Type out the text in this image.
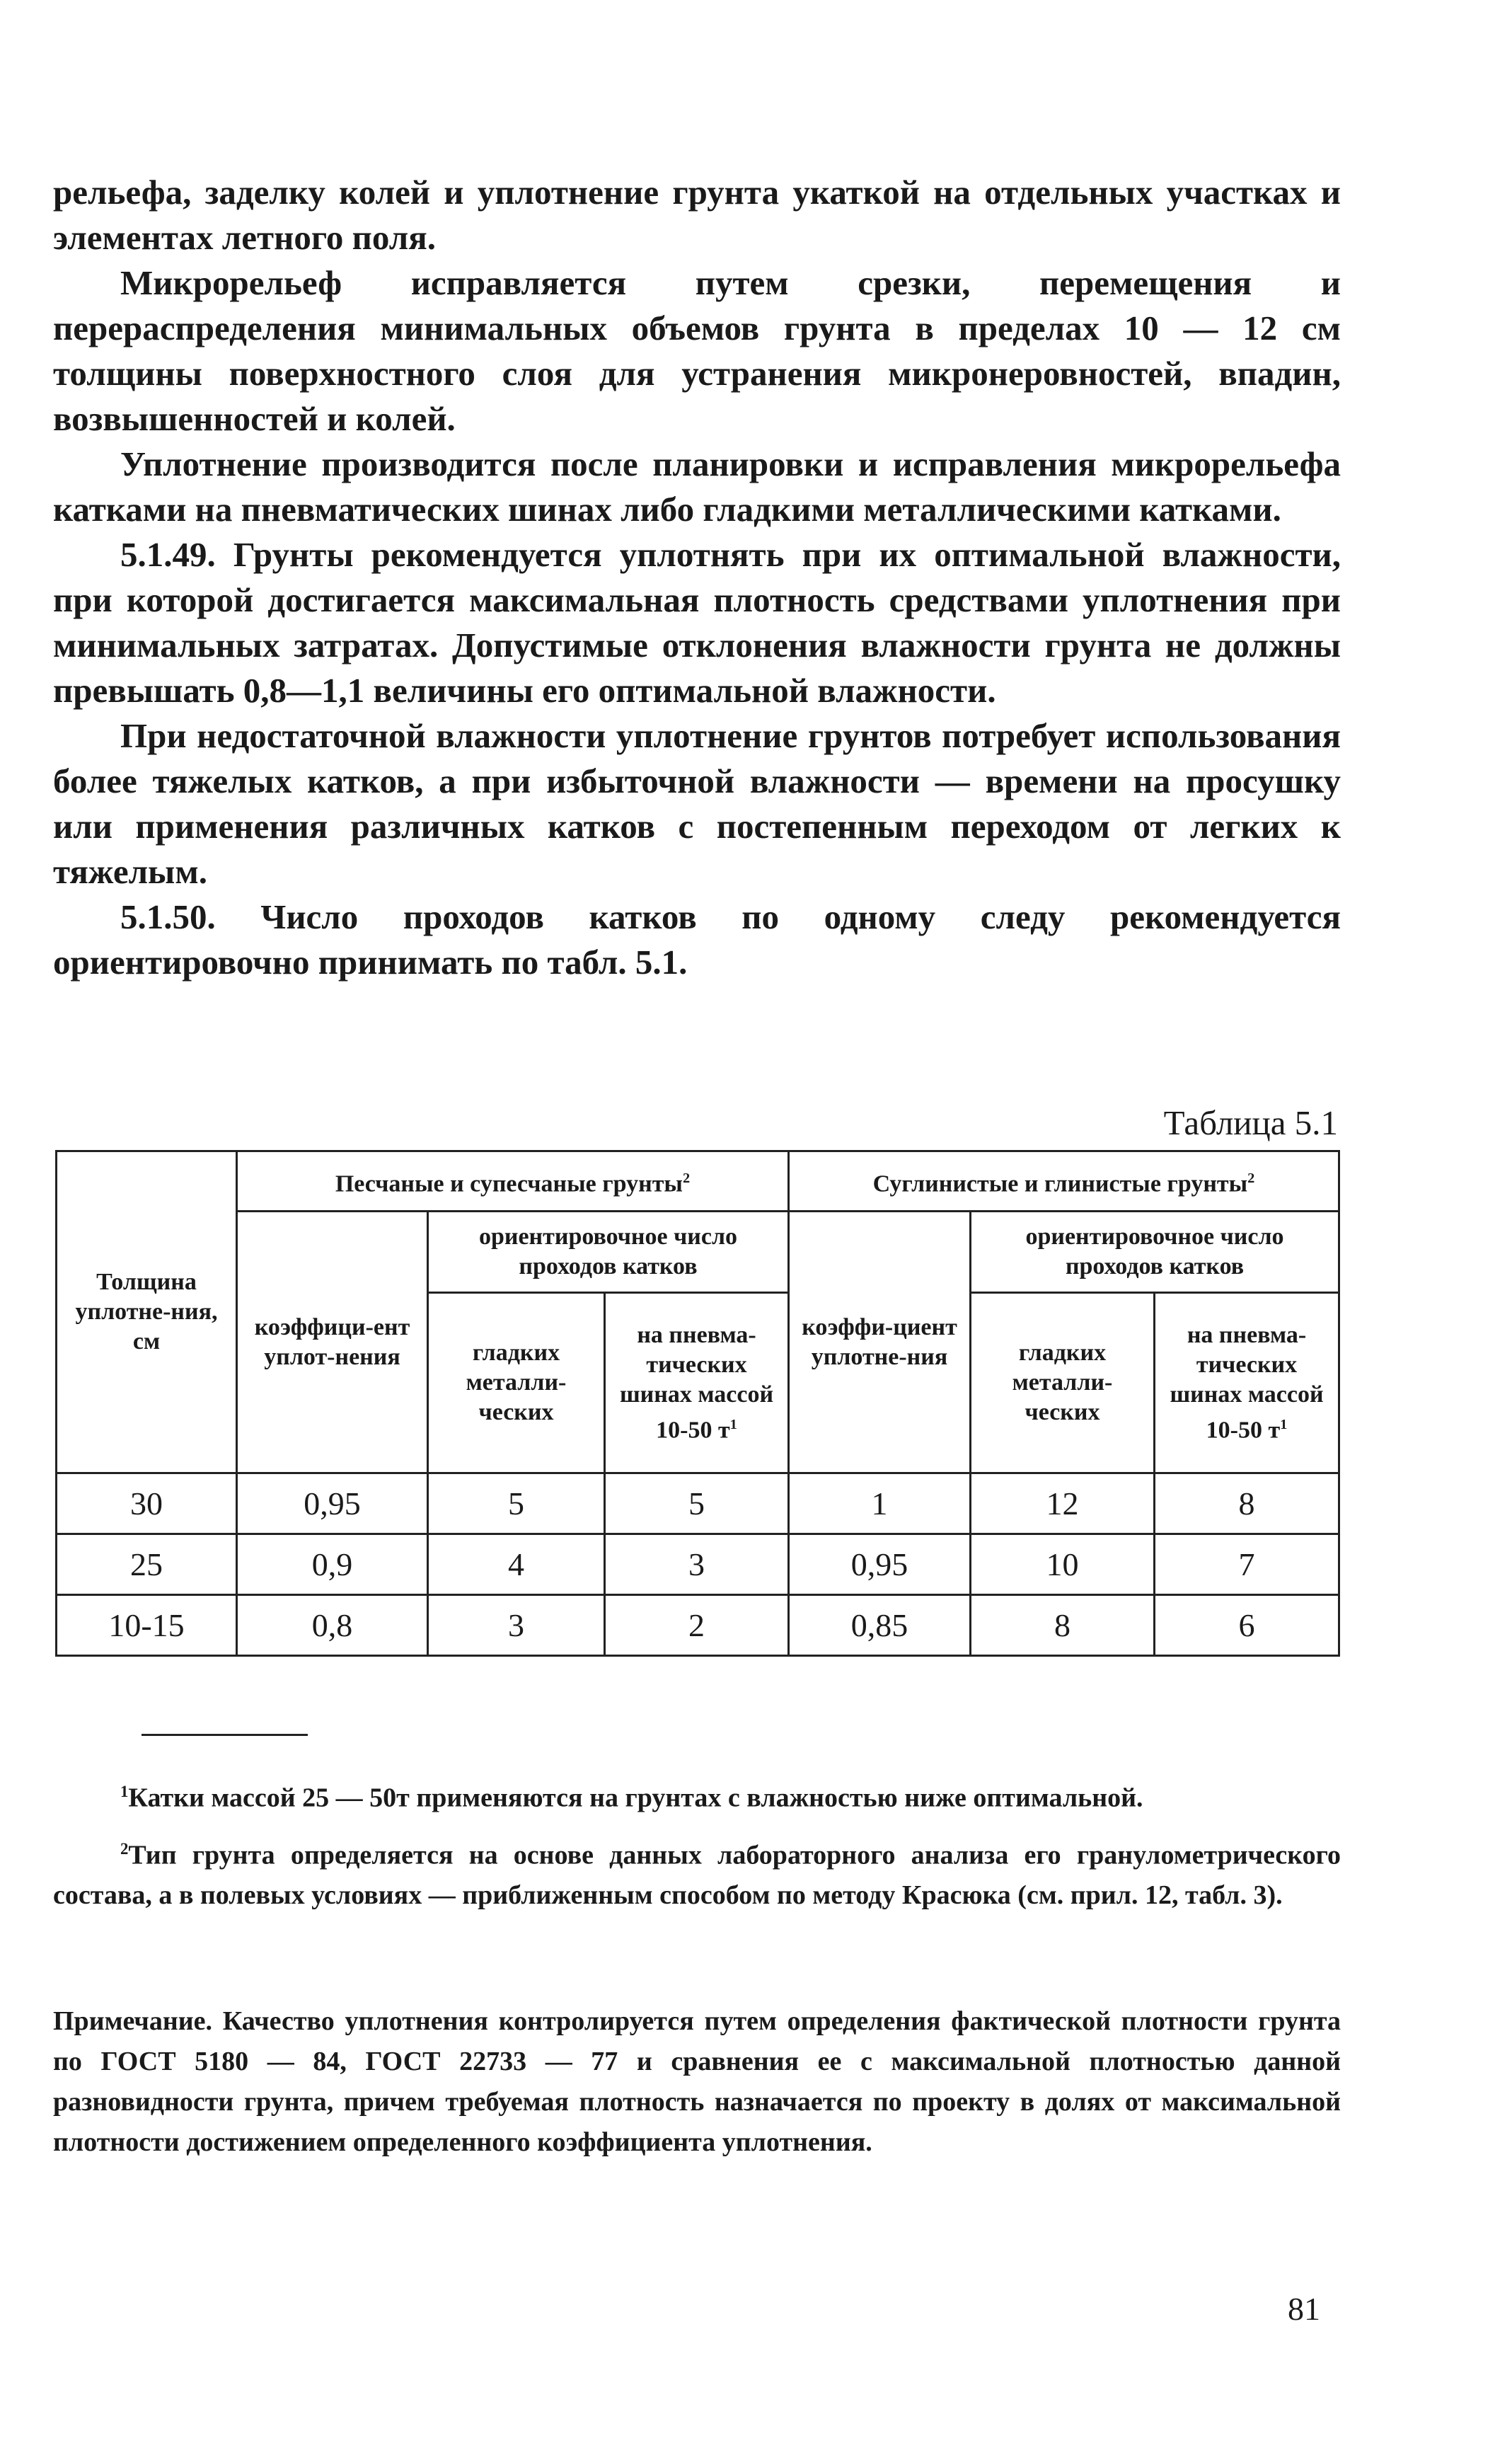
рельефа, заделку колей и уплотнение грунта укаткой на отдельных участках и элементах летного поля.

Микрорельеф исправляется путем срезки, перемещения и перераспределения минимальных объемов грунта в пределах 10 — 12 см толщины поверхностного слоя для устранения микронеровностей, впадин, возвышенностей и колей.

Уплотнение производится после планировки и исправления микрорельефа катками на пневматических шинах либо гладкими металлическими катками.

5.1.49. Грунты рекомендуется уплотнять при их оптимальной влажности, при которой достигается максимальная плотность средствами уплотнения при минимальных затратах. Допустимые отклонения влажности грунта не должны превышать 0,8—1,1 величины его оптимальной влажности.

При недостаточной влажности уплотнение грунтов потребует использования более тяжелых катков, а при избыточной влажности — времени на просушку или применения различных катков с постепенным переходом от легких к тяжелым.

5.1.50. Число проходов катков по одному следу рекомендуется ориентировочно принимать по табл. 5.1.

Таблица 5.1
Толщина уплотне-ния, см	Песчаные и супесчаные грунты$^2$			Суглинистые и глинистые грунты$^2$
	коэффици-ент уплот-нения	ориентировочное число проходов катков		коэффи-циент уплотне-ния	ориентировочное число проходов катков	
		гладких металли-ческих	на пневма-тических шинах массой 10-50 $т^1$		гладких металли-ческих	на пневма-тических шинах массой 10-50 $т^1$
30	0,95	5	5	1	12	8
25	0,9	4	3	0,95	10	7
10-15	0,8	3	2	0,85	8	6

$^1$Катки массой 25 — 50т применяются на грунтах с влажностью ниже оптимальной.

$^2$Тип грунта определяется на основе данных лабораторного анализа его гранулометрического состава, а в полевых условиях — приближенным способом по методу Красюка (см. прил. 12, табл. 3).

Примечание. Качество уплотнения контролируется путем определения фактической плотности грунта по ГОСТ 5180 — 84, ГОСТ 22733 — 77 и сравнения ее с максимальной плотностью данной разновидности грунта, причем требуемая плотность назначается по проекту в долях от максимальной плотности достижением определенного коэффициента уплотнения.
81
